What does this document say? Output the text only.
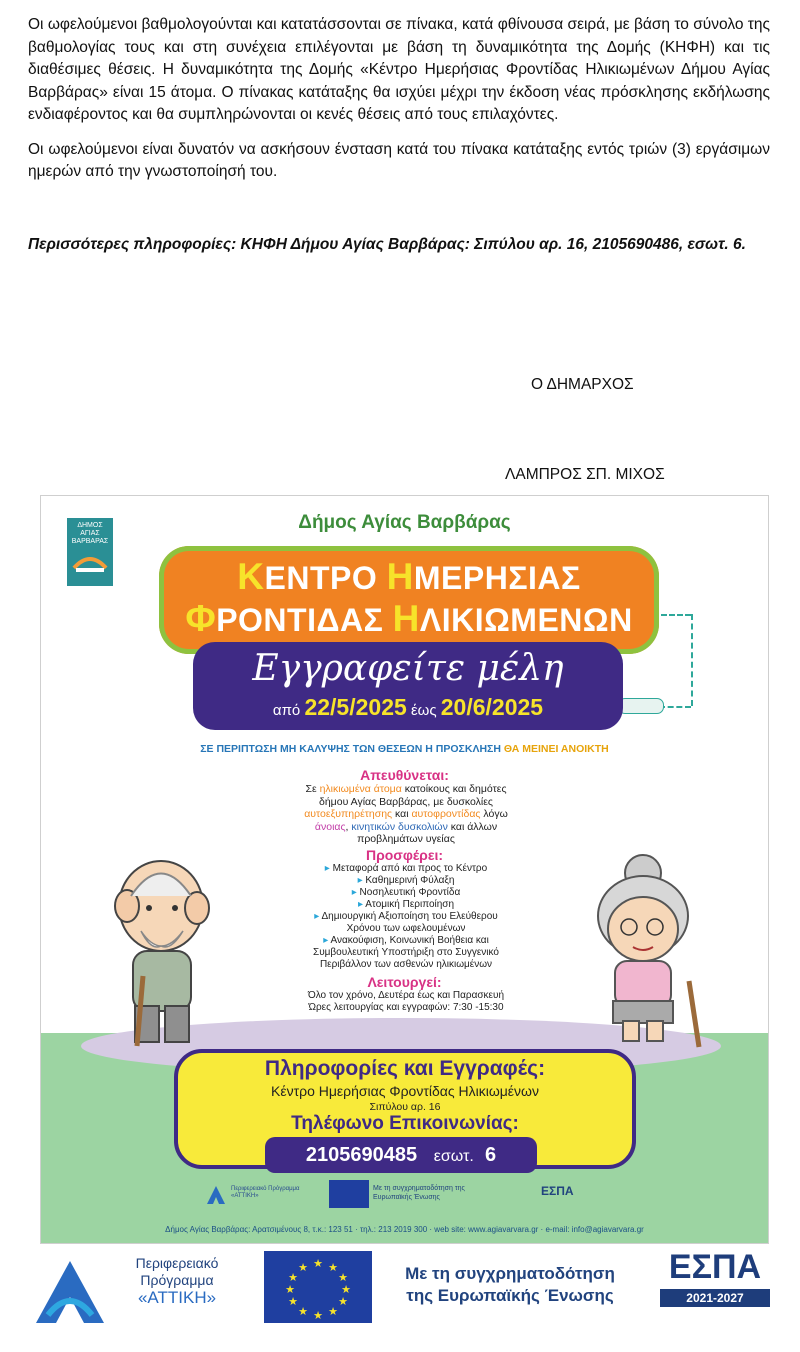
Οι ωφελούμενοι βαθμολογούνται και κατατάσσονται σε πίνακα, κατά φθίνουσα σειρά, με βάση το σύνολο της βαθμολογίας τους και στη συνέχεια επιλέγονται με βάση τη δυναμικότητα της Δομής (ΚΗΦΗ) και τις διαθέσιμες θέσεις. Η δυναμικότητα της Δομής «Κέντρο Ημερήσιας Φροντίδας Ηλικιωμένων Δήμου Αγίας Βαρβάρας» είναι 15 άτομα. Ο πίνακας κατάταξης θα ισχύει μέχρι την έκδοση νέας πρόσκλησης εκδήλωσης ενδιαφέροντος και θα συμπληρώνονται οι κενές θέσεις από τους επιλαχόντες.

Οι ωφελούμενοι είναι δυνατόν να ασκήσουν ένσταση κατά του πίνακα κατάταξης εντός τριών (3) εργάσιμων ημερών από την γνωστοποίησή του.

Περισσότερες πληροφορίες: ΚΗΦΗ Δήμου Αγίας Βαρβάρας: Σιπύλου αρ. 16, 2105690486, εσωτ. 6.

Ο ΔΗΜΑΡΧΟΣ
ΛΑΜΠΡΟΣ ΣΠ. ΜΙΧΟΣ
ΔΗΜΟΣ ΑΓΙΑΣ ΒΑΡΒΑΡΑΣ
Δήμος Αγίας Βαρβάρας
ΚΕΝΤΡΟ ΗΜΕΡΗΣΙΑΣ
ΦΡΟΝΤΙΔΑΣ ΗΛΙΚΙΩΜΕΝΩΝ
Εγγραφείτε μέλη
από 22/5/2025 έως 20/6/2025
ΣΕ ΠΕΡΙΠΤΩΣΗ ΜΗ ΚΑΛΥΨΗΣ ΤΩΝ ΘΕΣΕΩΝ Η ΠΡΟΣΚΛΗΣΗ ΘΑ ΜΕΙΝΕΙ ΑΝΟΙΚΤΗ
Απευθύνεται:
Σε ηλικιωμένα άτομα κατοίκους και δημότες
δήμου Αγίας Βαρβάρας, με δυσκολίες
αυτοεξυπηρέτησης και αυτοφροντίδας λόγω
άνοιας, κινητικών δυσκολιών και άλλων
προβλημάτων υγείας
Προσφέρει:
▸ Μεταφορά από και προς το Κέντρο
▸ Καθημερινή Φύλαξη
▸ Νοσηλευτική Φροντίδα
▸ Ατομική Περιποίηση
▸ Δημιουργική Αξιοποίηση του Ελεύθερου
Χρόνου των ωφελουμένων
▸ Ανακούφιση, Κοινωνική Βοήθεια και
Συμβουλευτική Υποστήριξη στο Συγγενικό
Περιβάλλον των ασθενών ηλικιωμένων
Λειτουργεί:
Όλο τον χρόνο, Δευτέρα έως και Παρασκευή
Ώρες λειτουργίας και εγγραφών: 7:30 -15:30
Πληροφορίες και Εγγραφές:
Κέντρο Ημερήσιας Φροντίδας Ηλικιωμένων
Σιπύλου αρ. 16
Τηλέφωνο Επικοινωνίας:
2105690485 εσωτ. 6
Περιφερειακό Πρόγραμμα «ΑΤΤΙΚΗ»
Με τη συγχρηματοδότηση της Ευρωπαϊκής Ένωσης	ΕΣΠΑ
Δήμος Αγίας Βαρβάρας: Αρατσιμένους 8, τ.κ.: 123 51 · τηλ.: 213 2019 300 · web site: www.agiavarvara.gr · e-mail: info@agiavarvara.gr
Περιφερειακό
Πρόγραμμα
«ΑΤΤΙΚΗ»
★ ★
★
★
★
★
★
★
★
★
★
★	Με τη συγχρηματοδότηση
της Ευρωπαϊκής Ένωσης
ΕΣΠΑ
2021-2027
